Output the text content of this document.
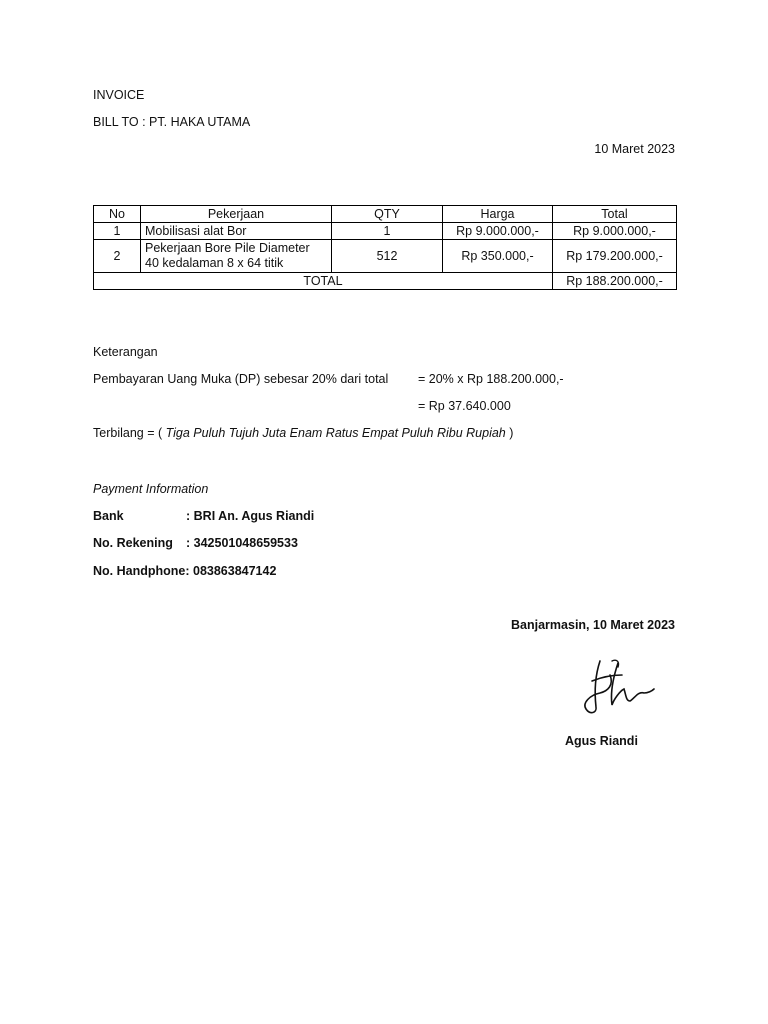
INVOICE
BILL TO : PT. HAKA UTAMA
10 Maret 2023
No	Pekerjaan	QTY	Harga	Total
1	Mobilisasi alat Bor	1	Rp 9.000.000,-	Rp 9.000.000,-
2	Pekerjaan Bore Pile Diameter
40 kedalaman 8 x 64 titik	512	Rp 350.000,-	Rp 179.200.000,-
TOTAL				Rp 188.200.000,-
Keterangan
Pembayaran Uang Muka (DP) sebesar 20% dari total = 20% x Rp 188.200.000,-
= Rp 37.640.000
Terbilang = ( Tiga Puluh Tujuh Juta Enam Ratus Empat Puluh Ribu Rupiah )
Payment Information
Bank	: BRI An. Agus Riandi
No. Rekening : 342501048659533
No. Handphone: 083863847142
Banjarmasin, 10 Maret 2023
Agus Riandi
